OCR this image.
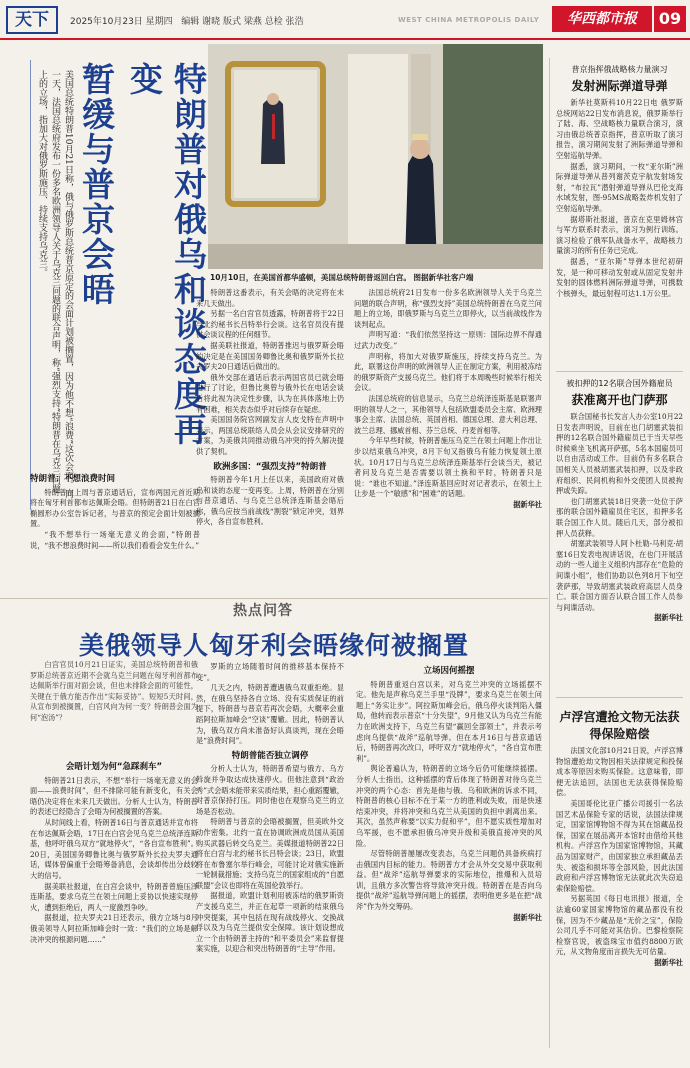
天下	2025年10月23日 星期四 编辑 谢晓 版式 梁燕 总检 张浩	WEST CHINA METROPOLIS DAILY	华西都市报	09
美国总统特朗普10月21日称，俄与俄罗斯总统普京原定的会面计划被搁置，因为他不想“浪费”这次会面。同一天，法国总统府发布一份多名欧洲领导人关于乌克兰问题的联合声明，称“强烈支持”特朗普在乌克兰问题上的立场，指加大对俄罗斯施压、持续支持乌克兰。	特朗普对俄乌和谈态度再变
暂缓与普京会晤	10月10日，在美国首都华盛顿，美国总统特朗普返回白宫。 图据新华社客户端
特朗普：不想浪费时间

特朗普在上周与普京通话后，宣布两国元首近期将在匈牙利首都布达佩斯会晤。但特朗普21日在白宫椭圆形办公室告诉记者，与普京的预定会面计划被搁置。

“我不想举行一场毫无意义的会面，”特朗普说，“我不想浪费时间——所以我们看看会发生什么。”

特朗普这番表示，有关会晤的决定将在未来几天做出。

另据一名白宫官员透露，特朗普将于22日与北约秘书长吕特举行会谈。这名官员没有提供会谈议程的任何细节。

据美联社报道，特朗普推迟与俄罗斯会晤的决定是在美国国务卿鲁比奥和俄罗斯外长拉夫罗夫20日通话后做出的。

俄外交部在通话后表示两国官员已就会晤进行了讨论，但鲁比奥曾与俄外长在电话会谈后将此视为决定性步骤，认为在具体落地上仍有困难，相关表态似乎对后续存在疑虑。

美国国务院官网副发言人皮戈特在声明中表示，两国总统联络人员会从会议安排研究的方案，为美俄共同推动俄乌冲突的持久解决提供了契机。

欧洲多国：“强烈支持”特朗普

特朗普今年1月上任以来，美国政府对俄乌和谈的态度一变再变。上周，特朗普在分别与普京通话、与乌克兰总统泽连斯基会晤后称，俄乌应按当前战线“割裂”锁定冲突，划界停火，各自宣布胜利。

法国总统府21日发布一份多名欧洲领导人关于乌克兰问题的联合声明，称“强烈支持”美国总统特朗普在乌克兰问题上的立场，即俄罗斯与乌克兰立即停火，以当前战线作为谈判起点。

声明写道：“我们依然坚持这一原则：国际边界不得通过武力改变。”

声明称，将加大对俄罗斯施压，持续支持乌克兰。为此，联署这份声明的欧洲领导人正在制定方案，利用被冻结的俄罗斯资产支援乌克兰。他们将于本周晚些时候举行相关会议。

法国总统府的信息显示，乌克兰总统泽连斯基是联署声明的领导人之一，其他领导人包括欧盟委员会主席、欧洲理事会主席、法国总统、英国首相、德国总理、意大利总理、波兰总理、挪威首相、芬兰总统、丹麦首相等。

今年早些时候，特朗普施压乌克兰在领土问题上作出让步以结束俄乌冲突，8月下旬又指俄乌有能力恢复领土原状。10月17日与乌克兰总统泽连斯基举行会谈当天，被记者问及乌克兰是否需要以领土换和平时，特朗普只是说：“谁也不知道。”泽连斯基回应时对记者表示，在领土上让步是一个“敏感”和“困难”的话题。

据新华社
热点问答
美俄领导人匈牙利会晤缘何被搁置

白宫官员10月21日证实，美国总统特朗普和俄罗斯总统普京近期不会就乌克兰问题在匈牙利首都布达佩斯举行面对面会谈，但也未排除会面的可能性，关键在于俄方能否作出“实际妥协”。短短5天时间，从宣布到被搁置，白宫风向为何一变？特朗普会面为何“泡汤”？

会晤计划为何“急踩刹车”

特朗普21日表示，不想“举行一场毫无意义的会面——浪费时间”，但不排除可能有新变化，有关会晤仍决定将在未来几天做出。分析人士认为，特朗普的表述已经隐含了会晤为何被搁置的答案。

从时间线上看，特朗普16日与普京通话并宣布将在布达佩斯会晤，17日在白宫会见乌克兰总统泽连斯基，他呼吁俄乌双方“就地停火”，“各自宣布胜利”。20日，美国国务卿鲁比奥与俄罗斯外长拉夫罗夫通话，媒体曾偏重于会晤筹备消息，会谈却传出分歧较大的信号。

据美联社报道，在白宫会谈中，特朗普曾施压泽连斯基，要求乌克兰在领土问题上妥协以快速实现停火，遭到拒绝后，两人一度激烈争吵。

据报道，拉夫罗夫21日还表示，俄方立场与8月俄美领导人阿拉斯加峰会时一致：“我们的立场是解决冲突的根源问题……”

罗斯的立场随着时间的推移基本保持不变”。

几天之内，特朗普遭遇俄乌双重拒绝。显然，在俄乌坚持各自立场、没有实质保证的前提下，特朗普与普京若再次会晤，大概率会重蹈阿拉斯加峰会“空谈”覆辙。因此，特朗普认为，俄乌双方尚未准备好认真谈判，现在会晤是“浪费时间”。

特朗普能否独立调停

分析人士认为，特朗普希望与俄方、乌方斡旋并争取达成快速停火。但他注意到“政治秀”式会晤未能带来实质结果，担心重蹈覆辙，对普京保持打压。同时他也在观察乌克兰的立场是否松动。

特朗普与普京的会晤被搁置，但美欧外交动作密集。北约一直在协调欧洲成员国从美国购买武器后转交乌克兰。美媒报道特朗普22日将在白宫与北约秘书长吕特会谈；23日，欧盟将在布鲁塞尔举行峰会，可能讨论对俄实施新一轮制裁措施；支持乌克兰的国家组成的“自愿联盟”会议也即将在英国伦敦举行。

据报道，欧盟计划利用被冻结的俄罗斯资产支援乌克兰，并正在起草一项新的结束俄乌冲突提案，其中包括在现有战线停火、交换战俘以及为乌克兰提供安全保障。该计划设想成立一个由特朗普主持的“和平委员会”来监督提案实施，以迎合和突出特朗普的“主导”作用。

立场因何摇摆

特朗普重返白宫以来，对乌克兰冲突的立场摇摆不定。他先是声称乌克兰手里“没牌”，要求乌克兰在领土问题上“务实让步”。阿拉斯加峰会后，俄乌停火谈判陷入僵局，他转而表示普京“十分失望”，9月他又认为乌克兰有能力在欧洲支持下，乌克兰有望“赢回全部领土”，并表示考虑向乌提供“战斧”巡航导弹。但在本月16日与普京通话后，特朗普再次改口，呼吁双方“就地停火”，“各自宣布胜利”。

舆论普遍认为，特朗普的立场今后仍可能继续摇摆。分析人士指出，这种摇摆的背后体现了特朗普对待乌克兰冲突的两个心态：首先是他与俄、乌和欧洲的诉求不同，特朗普的核心目标不在于某一方的胜利或失败，而是快速结束冲突，并将冲突和乌克兰从美国的负担中剥离出来。其次，虽然声称要“以实力促和平”，但不愿实质性增加对乌军援，也不愿承担俄乌冲突升级和美俄直接冲突的风险。

尽管特朗普屡屡改变表态，乌克兰问题仍具备疾病打击俄国内目标的能力。特朗普方才会从外交交易中获取利益。但“战斧”巡航导弹要求的实际地位，推爆和入员培训，且俄方多次警告将导致冲突升级。特朗普在是否向乌提供“战斧”巡航导弹问题上的摇摆，表明他更多是在把“战斧”作为外交筹码。

据新华社
普京指挥俄战略核力量演习
发射洲际弹道导弹

新华社莫斯科10月22日电 俄罗斯总统网站22日发布消息说，俄罗斯举行了陆、海、空战略核力量联合演习，演习由俄总统普京指挥，普京听取了演习报告，演习期间发射了洲际弹道导弹和空射巡航导弹。

据悉，演习期间，一枚“亚尔斯”洲际弹道导弹从普列谢茨克宇航发射场发射，“布拉瓦”潜射弹道导弹从巴伦支海水域发射，图-95MS战略轰炸机发射了空射巡航导弹。

据塔斯社报道，普京在克里姆林宫与军方联系时表示，演习为例行训练。演习检验了俄军队战备水平，战略核力量演习的所有任务已完成。

据悉，“亚尔斯”导弹本世纪初研发，是一种可移动发射或从固定发射井发射的固体燃料洲际弹道导弹，可携数个核弹头，最远射程可达1.1万公里。

被扣押的12名联合国外籍雇员
获准离开也门萨那

联合国秘书长发言人办公室10月22日发表声明说，目前在也门胡塞武装扣押的12名联合国外籍雇员已于当天早些时候乘坐飞机离开萨那，5名本国雇员可以自由活动或工作。目前仍有多名联合国相关人员被胡塞武装扣押，以及非政府组织、民间机构和外交使团人员被拘押或失踪。

也门胡塞武装18日突袭一处位于萨那的联合国外籍雇员住宅区，扣押多名联合国工作人员。随后几天，部分被扣押人员获释。

胡塞武装领导人阿卜杜勒-马利克·胡塞16日发表电视讲话说，在也门开展活动的一些人道主义组织内部存在“危险的间谍小组”，他们协助以色列8月下旬空袭萨那，导致胡塞武装政府高层人员身亡。联合国方面否认联合国工作人员参与间谍活动。

据新华社
卢浮宫遭抢文物无法获得保险赔偿

法国文化部10月21日说，卢浮宫博物馆遭抢劫文物因相关法律规定和投保成本等原因未购买保险。这意味着，即便无法追回，法国也无法获得保险赔偿。

美国哥伦比亚广播公司援引一名法国艺术品保险专家的话说，法国法律规定，国家馆博物馆不得为其在馆藏品投保，国家在展品离开本馆时由借给其他机构。卢浮宫作为国家馆博物馆，其藏品为国家财产，由国家独立承担藏品丢失、被盗和损坏等全部风险，因此法国政府和卢浮宫博物馆无法就此次失窃追索保险赔偿。

另据英国《每日电讯报》报道，全法逾60家国家博物馆的藏品都没有投保，因为不少藏品是“无价之宝”，保险公司几乎不可能对其估价。巴黎检察院检察官说，被盗珠宝市值约8800万欧元，从文物角度而言损失无可估量。

据新华社
